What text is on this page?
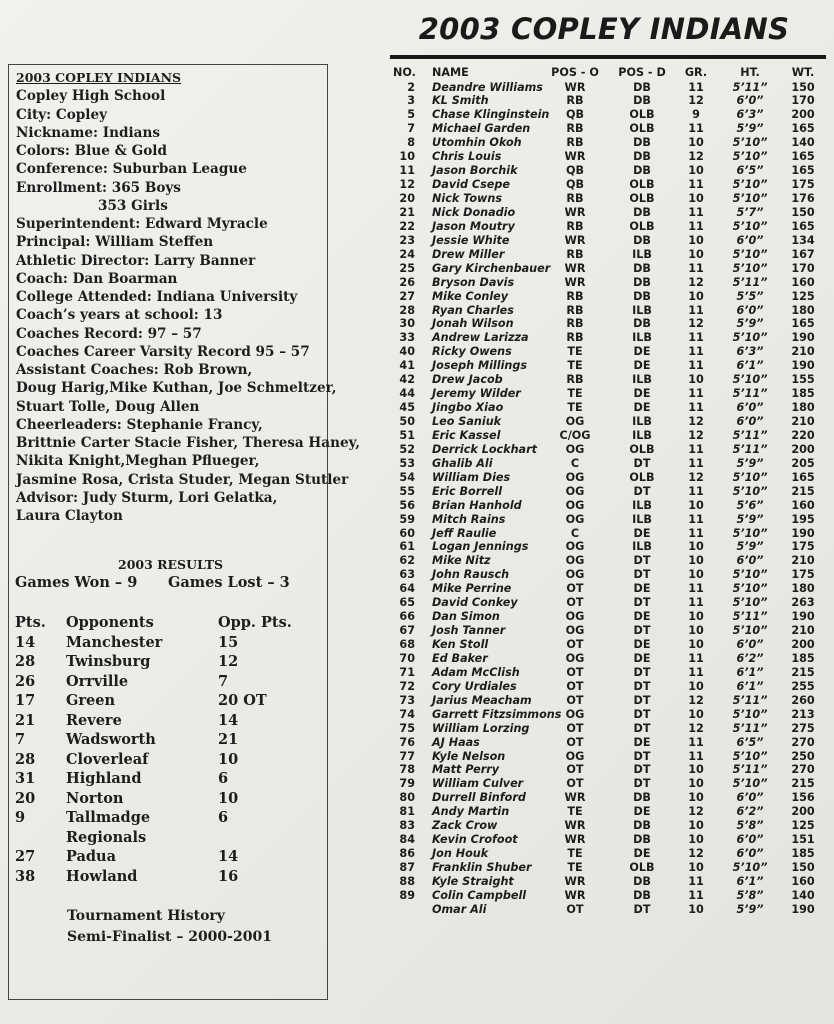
2003 COPLEY INDIANS
2003 COPLEY INDIANS
Copley High School
City: Copley
Nickname: Indians
Colors: Blue & Gold
Conference: Suburban League
Enrollment: 365 Boys
353 Girls
Superintendent: Edward Myracle
Principal: William Steffen
Athletic Director: Larry Banner
Coach: Dan Boarman
College Attended: Indiana University
Coach’s years at school: 13
Coaches Record: 97 – 57
Coaches Career Varsity Record 95 – 57
Assistant Coaches: Rob Brown,
Doug Harig,Mike Kuthan, Joe Schmeltzer,
Stuart Tolle, Doug Allen
Cheerleaders: Stephanie Francy,
Brittnie Carter Stacie Fisher, Theresa Haney,
Nikita Knight,Meghan Pflueger,
Jasmine Rosa, Crista Studer, Megan Stutler
Advisor: Judy Sturm, Lori Gelatka,
Laura Clayton
2003 RESULTS
Games Won – 9 Games Lost – 3
Pts. Opponents	Opp. Pts.
14 Manchester	15
28 Twinsburg	12
26 Orrville	7
17 Green	20 OT
21 Revere	14
7	Wadsworth	21
28 Cloverleaf	10
31 Highland	6
20 Norton	10
9	Tallmadge	6
Regionals
27 Padua	14
38 Howland	16
Tournament History
Semi-Finalist – 2000-2001
NO. NAME	POS - O POS - D	GR.	HT.	WT.
2 Deandre Williams	WR	DB	11	5’11”	150
3 KL Smith	RB	DB	12	6’0”	170
5 Chase Klinginstein	QB	OLB	9	6’3”	200
7 Michael Garden	RB	OLB	11	5’9”	165
8 Utomhin Okoh	RB	DB	10	5’10”	140
10 Chris Louis	WR	DB	12	5’10”	165
11 Jason Borchik	QB	DB	10	6’5”	165
12 David Csepe	QB	OLB	11	5’10”	175
20 Nick Towns	RB	OLB	10	5’10”	176
21 Nick Donadio	WR	DB	11	5’7”	150
22 Jason Moutry	RB	OLB	11	5’10”	165
23 Jessie White	WR	DB	10	6’0”	134
24 Drew Miller	RB	ILB	10	5’10”	167
25 Gary Kirchenbauer	WR	DB	11	5’10”	170
26 Bryson Davis	WR	DB	12	5’11”	160
27 Mike Conley	RB	DB	10	5’5”	125
28 Ryan Charles	RB	ILB	11	6’0”	180
30 Jonah Wilson	RB	DB	12	5’9”	165
33 Andrew Larizza	RB	ILB	11	5’10”	190
40 Ricky Owens	TE	DE	11	6’3”	210
41 Joseph Millings	TE	DE	11	6’1”	190
42 Drew Jacob	RB	ILB	10	5’10”	155
44 Jeremy Wilder	TE	DE	11	5’11”	185
45 Jingbo Xiao	TE	DE	11	6’0”	180
50 Leo Saniuk	OG	ILB	12	6’0”	210
51 Eric Kassel	C/OG	ILB	12	5’11”	220
52 Derrick Lockhart	OG	OLB	11	5’11”	200
53 Ghalib Ali	C	DT	11	5’9”	205
54 William Dies	OG	OLB	12	5’10”	165
55 Eric Borrell	OG	DT	11	5’10”	215
56 Brian Hanhold	OG	ILB	10	5’6”	160
59 Mitch Rains	OG	ILB	11	5’9”	195
60 Jeff Raulie	C	DE	11	5’10”	190
61 Logan Jennings	OG	ILB	10	5’9”	175
62 Mike Nitz	OG	DT	10	6’0”	210
63 John Rausch	OG	DT	10	5’10”	175
64 Mike Perrine	OT	DE	11	5’10”	180
65 David Conkey	OT	DT	11	5’10”	263
66 Dan Simon	OG	DE	10	5’11”	190
67 Josh Tanner	OG	DT	10	5’10”	210
68 Ken Stoll	OT	DE	10	6’0”	200
70 Ed Baker	OG	DE	11	6’2”	185
71 Adam McClish	OT	DT	11	6’1”	215
72 Cory Urdiales	OT	DT	10	6’1”	255
73 Jarius Meacham	OT	DT	12	5’11”	260
74 Garrett Fitzsimmons OG	DT	10	5’10”	213
75 William Lorzing	OT	DT	12	5’11”	275
76 AJ Haas	OT	DE	11	6’5”	270
77 Kyle Nelson	OG	DT	11	5’10”	250
78 Matt Perry	OT	DT	10	5’11”	270
79 William Culver	OT	DT	10	5’10”	215
80 Durrell Binford	WR	DB	10	6’0”	156
81 Andy Martin	TE	DE	12	6’2”	200
83 Zack Crow	WR	DB	10	5’8”	125
84 Kevin Crofoot	WR	DB	10	6’0”	151
86 Jon Houk	TE	DE	12	6’0”	185
87 Franklin Shuber	TE	OLB	10	5’10”	150
88 Kyle Straight	WR	DB	11	6’1”	160
89 Colin Campbell	WR	DB	11	5’8”	140
Omar Ali	OT	DT	10	5’9”	190
